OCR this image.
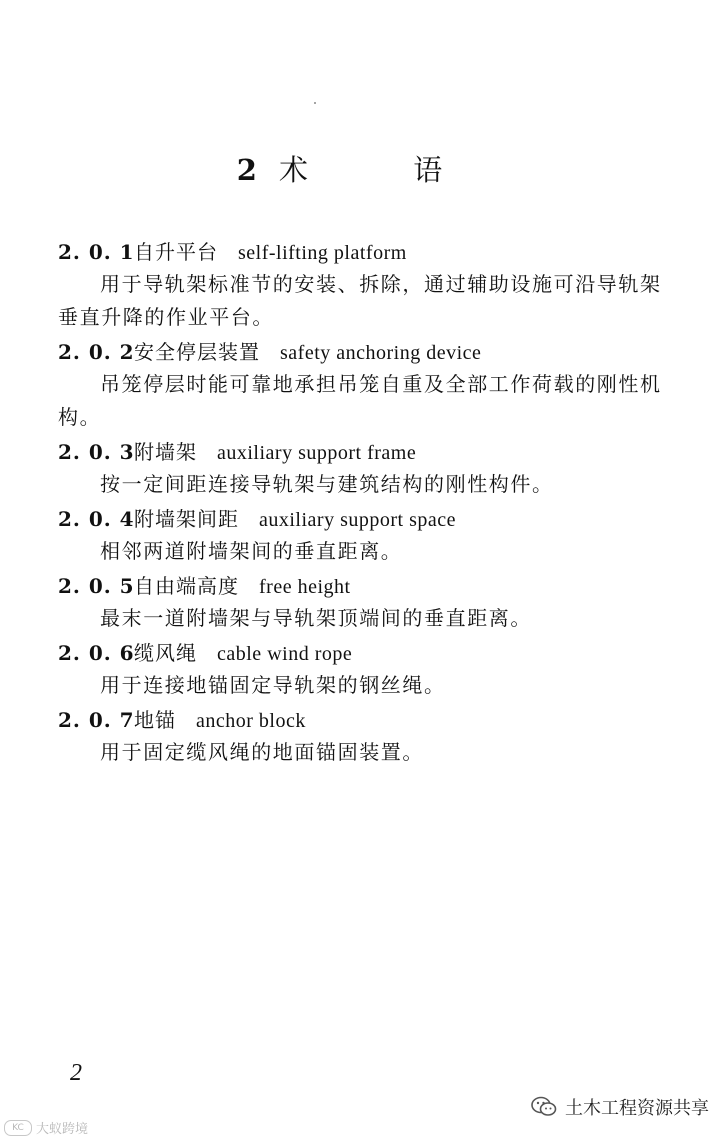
2 术 语
2. 0. 1自升平台 self-lifting platform

用于导轨架标准节的安装、拆除，通过辅助设施可沿导轨架垂直升降的作业平台。

2. 0. 2安全停层装置 safety anchoring device

吊笼停层时能可靠地承担吊笼自重及全部工作荷载的刚性机构。

2. 0. 3附墙架 auxiliary support frame

按一定间距连接导轨架与建筑结构的刚性构件。

2. 0. 4附墙架间距 auxiliary support space

相邻两道附墙架间的垂直距离。

2. 0. 5自由端高度 free height

最末一道附墙架与导轨架顶端间的垂直距离。

2. 0. 6缆风绳 cable wind rope

用于连接地锚固定导轨架的钢丝绳。

2. 0. 7地锚 anchor block

用于固定缆风绳的地面锚固装置。

2
KC 大蚁跨境
土木工程资源共享
